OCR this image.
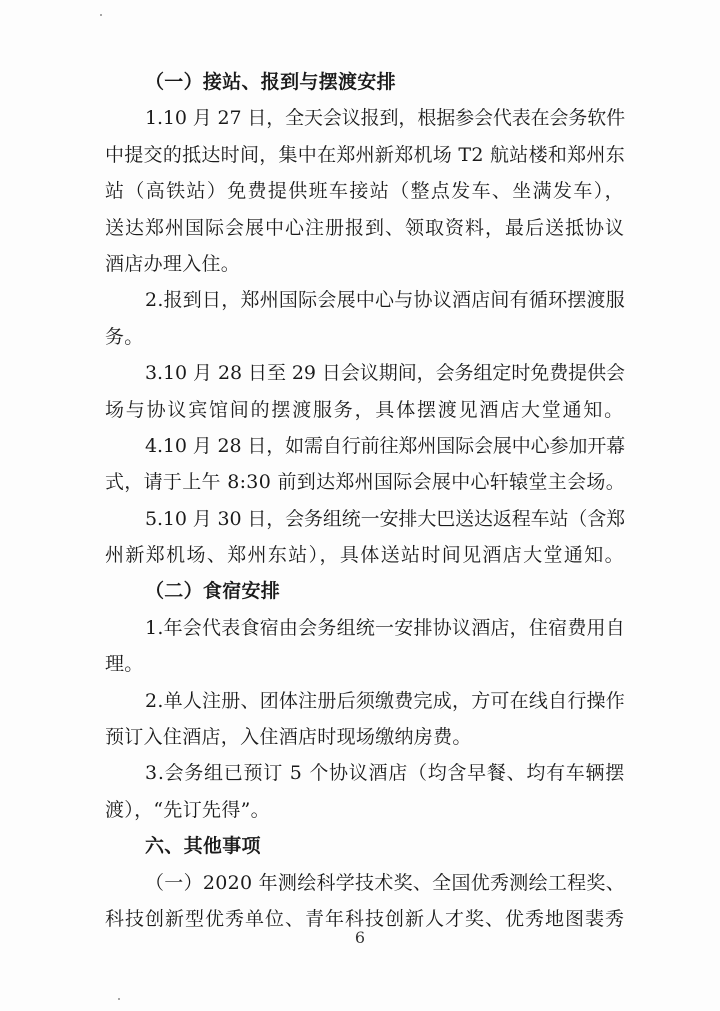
（一）接站、报到与摆渡安排
1.10 月 27 日，全天会议报到，根据参会代表在会务软件
中提交的抵达时间，集中在郑州新郑机场 T2 航站楼和郑州东
站（高铁站）免费提供班车接站（整点发车、坐满发车），
送达郑州国际会展中心注册报到、领取资料，最后送抵协议
酒店办理入住。
2.报到日，郑州国际会展中心与协议酒店间有循环摆渡服
务。
3.10 月 28 日至 29 日会议期间，会务组定时免费提供会
场与协议宾馆间的摆渡服务，具体摆渡见酒店大堂通知。
4.10 月 28 日，如需自行前往郑州国际会展中心参加开幕
式，请于上午 8:30 前到达郑州国际会展中心轩辕堂主会场。
5.10 月 30 日，会务组统一安排大巴送达返程车站（含郑
州新郑机场、郑州东站），具体送站时间见酒店大堂通知。
（二）食宿安排
1.年会代表食宿由会务组统一安排协议酒店，住宿费用自
理。
2.单人注册、团体注册后须缴费完成，方可在线自行操作
预订入住酒店，入住酒店时现场缴纳房费。
3.会务组已预订 5 个协议酒店（均含早餐、均有车辆摆
渡），“先订先得”。
六、其他事项
（一）2020 年测绘科学技术奖、全国优秀测绘工程奖、
科技创新型优秀单位、青年科技创新人才奖、优秀地图裴秀
6
